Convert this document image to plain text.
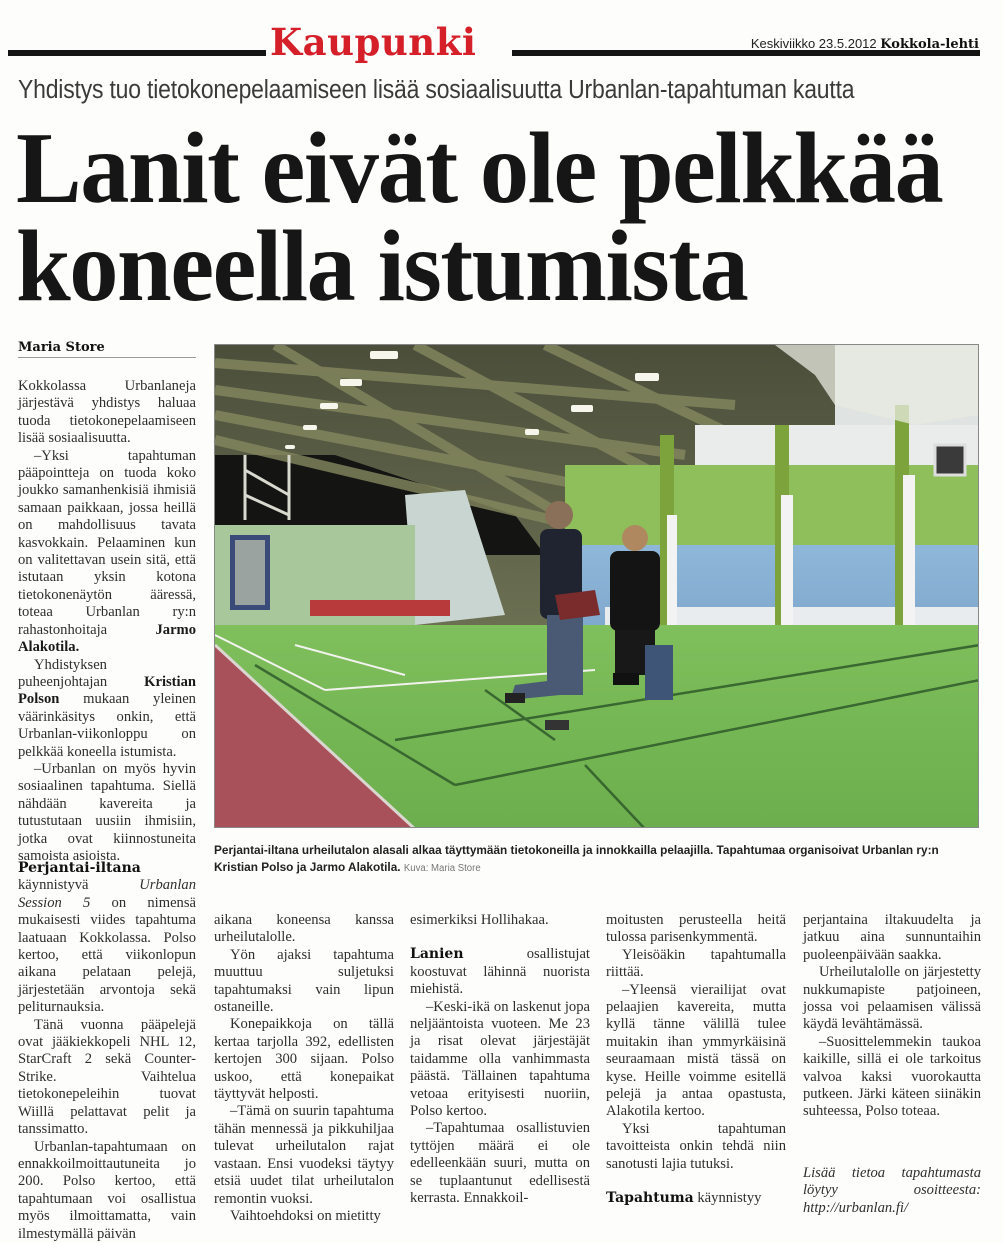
Kaupunki	Keskiviikko 23.5.2012 Kokkola-lehti
Yhdistys tuo tietokonepelaamiseen lisää sosiaalisuutta Urbanlan-tapahtuman kautta
Lanit eivät ole pelkkää
koneella istumista
Maria Store

Kokkolassa Urbanlaneja järjestävä yhdistys haluaa tuoda tietokonepelaamiseen lisää sosiaalisuutta.

–Yksi tapahtuman pääpointteja on tuoda koko joukko samanhenkisiä ihmisiä samaan paikkaan, jossa heillä on mahdollisuus tavata kasvokkain. Pelaaminen kun on valitettavan usein sitä, että istutaan yksin kotona tietokonenäytön ääressä, toteaa Urbanlan ry:n rahastonhoitaja	Jarmo Alakotila.

Yhdistyksen puheenjohtajan	Kristian Polson mukaan yleinen väärinkäsitys onkin, että Urbanlan-viikonloppu on pelkkää koneella istumista.

–Urbanlan on myös hyvin sosiaalinen tapahtuma. Siellä nähdään kavereita ja tutustutaan uusiin ihmisiin, jotka ovat kiinnostuneita samoista asioista.	Perjantai-iltana urheilutalon alasali alkaa täyttymään tietokoneilla ja innokkailla pelaajilla. Tapahtumaa organisoivat Urbanlan ry:n Kristian Polso ja Jarmo Alakotila. Kuva: Maria Store

Perjantai-iltana käynnistyvä	Urbanlan Session 5 on nimensä mukaisesti viides tapahtuma laatuaan Kokkolassa. Polso kertoo, että viikonlopun aikana pelataan pelejä, järjestetään arvontoja sekä peliturnauksia.

Tänä vuonna pääpelejä ovat jääkiekkopeli NHL 12, StarCraft 2 sekä Counter-Strike. Vaihtelua tietokonepeleihin tuovat Wiillä pelattavat pelit ja tanssimatto.

Urbanlan-tapahtumaan on ennakkoilmoittautuneita jo 200. Polso kertoo, että tapahtumaan voi osallistua myös ilmoittamatta, vain ilmestymällä päivän

aikana koneensa kanssa urheilutalolle.

Yön ajaksi tapahtuma muuttuu suljetuksi tapahtumaksi vain lipun ostaneille.

Konepaikkoja on tällä kertaa tarjolla 392, edellisten kertojen 300 sijaan. Polso uskoo, että konepaikat täyttyvät helposti.

–Tämä on suurin tapahtuma tähän mennessä ja pikkuhiljaa tulevat urheilutalon rajat vastaan. Ensi vuodeksi täytyy etsiä uudet tilat urheilutalon remontin vuoksi.

Vaihtoehdoksi on mietitty

esimerkiksi Hollihakaa.

Lanien	osallistujat koostuvat lähinnä nuorista miehistä.

–Keski-ikä on laskenut jopa neljääntoista vuoteen. Me 23 ja risat olevat järjestäjät taidamme olla vanhimmasta päästä. Tällainen tapahtuma vetoaa erityisesti nuoriin, Polso kertoo.

–Tapahtumaa osallistuvien tyttöjen määrä ei ole edelleenkään suuri, mutta on se tuplaantunut edellisestä kerrasta. Ennakkoil-

moitusten perusteella heitä tulossa parisenkymmentä.

Yleisöäkin tapahtumalla riittää.

–Yleensä vierailijat ovat pelaajien kavereita, mutta kyllä tänne välillä tulee muitakin ihan ymmyrkäisinä seuraamaan mistä tässä on kyse. Heille voimme esitellä pelejä ja antaa opastusta, Alakotila kertoo.

Yksi tapahtuman tavoitteista onkin tehdä niin sanotusti lajia tutuksi.

Tapahtuma käynnistyy

perjantaina iltakuudelta ja jatkuu aina sunnuntaihin puoleenpäivään saakka.

Urheilutalolle on järjestetty nukkumapiste patjoineen, jossa voi pelaamisen välissä käydä levähtämässä.

–Suosittelemmekin taukoa kaikille, sillä ei ole tarkoitus valvoa kaksi vuorokautta putkeen. Järki käteen siinäkin suhteessa, Polso toteaa.

Lisää tietoa tapahtumasta löytyy osoitteesta: http://urbanlan.fi/
